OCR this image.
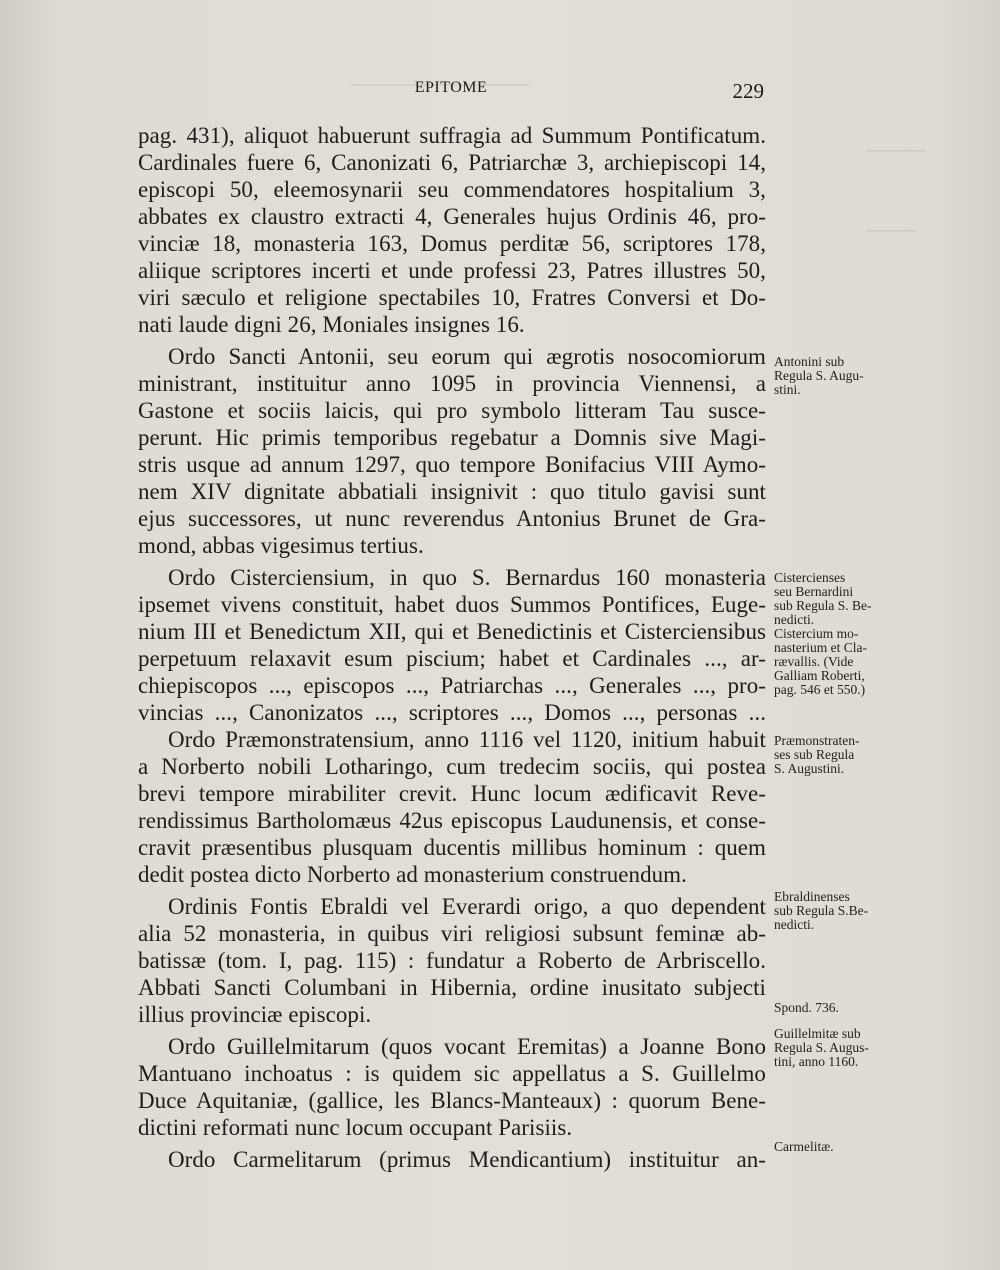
EPITOME	229
pag. 431), aliquot habuerunt suffragia ad Summum Pontificatum.
Cardinales fuere 6, Canonizati 6, Patriarchæ 3, archiepiscopi 14,
episcopi 50, eleemosynarii seu commendatores hospitalium 3,
abbates ex claustro extracti 4, Generales hujus Ordinis 46, pro-
vinciæ 18, monasteria 163, Domus perditæ 56, scriptores 178,
aliique scriptores incerti et unde professi 23, Patres illustres 50,
viri sæculo et religione spectabiles 10, Fratres Conversi et Do-
nati laude digni 26, Moniales insignes 16.
Ordo Sancti Antonii, seu eorum qui ægrotis nosocomiorum
ministrant, instituitur anno 1095 in provincia Viennensi, a
Gastone et sociis laicis, qui pro symbolo litteram Tau susce-
perunt. Hic primis temporibus regebatur a Domnis sive Magi-
stris usque ad annum 1297, quo tempore Bonifacius VIII Aymo-
nem XIV dignitate abbatiali insignivit : quo titulo gavisi sunt
ejus successores, ut nunc reverendus Antonius Brunet de Gra-
mond, abbas vigesimus tertius.
Ordo Cisterciensium, in quo S. Bernardus 160 monasteria
ipsemet vivens constituit, habet duos Summos Pontifices, Euge-
nium III et Benedictum XII, qui et Benedictinis et Cisterciensibus
perpetuum relaxavit esum piscium; habet et Cardinales ..., ar-
chiepiscopos ..., episcopos ..., Patriarchas ..., Generales ..., pro-
vincias ..., Canonizatos ..., scriptores ..., Domos ..., personas ...
Ordo Præmonstratensium, anno 1116 vel 1120, initium habuit
a Norberto nobili Lotharingo, cum tredecim sociis, qui postea
brevi tempore mirabiliter crevit. Hunc locum ædificavit Reve-
rendissimus Bartholomæus 42us episcopus Laudunensis, et conse-
cravit præsentibus plusquam ducentis millibus hominum : quem
dedit postea dicto Norberto ad monasterium construendum.
Ordinis Fontis Ebraldi vel Everardi origo, a quo dependent
alia 52 monasteria, in quibus viri religiosi subsunt feminæ ab-
batissæ (tom. I, pag. 115) : fundatur a Roberto de Arbriscello.
Abbati Sancti Columbani in Hibernia, ordine inusitato subjecti
illius provinciæ episcopi.
Ordo Guillelmitarum (quos vocant Eremitas) a Joanne Bono
Mantuano inchoatus : is quidem sic appellatus a S. Guillelmo
Duce Aquitaniæ, (gallice, les Blancs-Manteaux) : quorum Bene-
dictini reformati nunc locum occupant Parisiis.
Ordo Carmelitarum (primus Mendicantium) instituitur an-
Antonini sub
Regula S. Augu-
stini.
Cistercienses
seu Bernardini
sub Regula S. Be-
nedicti.
Cistercium mo-
nasterium et Cla-
rævallis. (Vide
Galliam Roberti,
pag. 546 et 550.)
Præmonstraten-
ses sub Regula
S. Augustini.
Ebraldinenses
sub Regula S.Be-
nedicti.
Spond. 736.
Guillelmitæ sub
Regula S. Augus-
tini, anno 1160.
Carmelitæ.
